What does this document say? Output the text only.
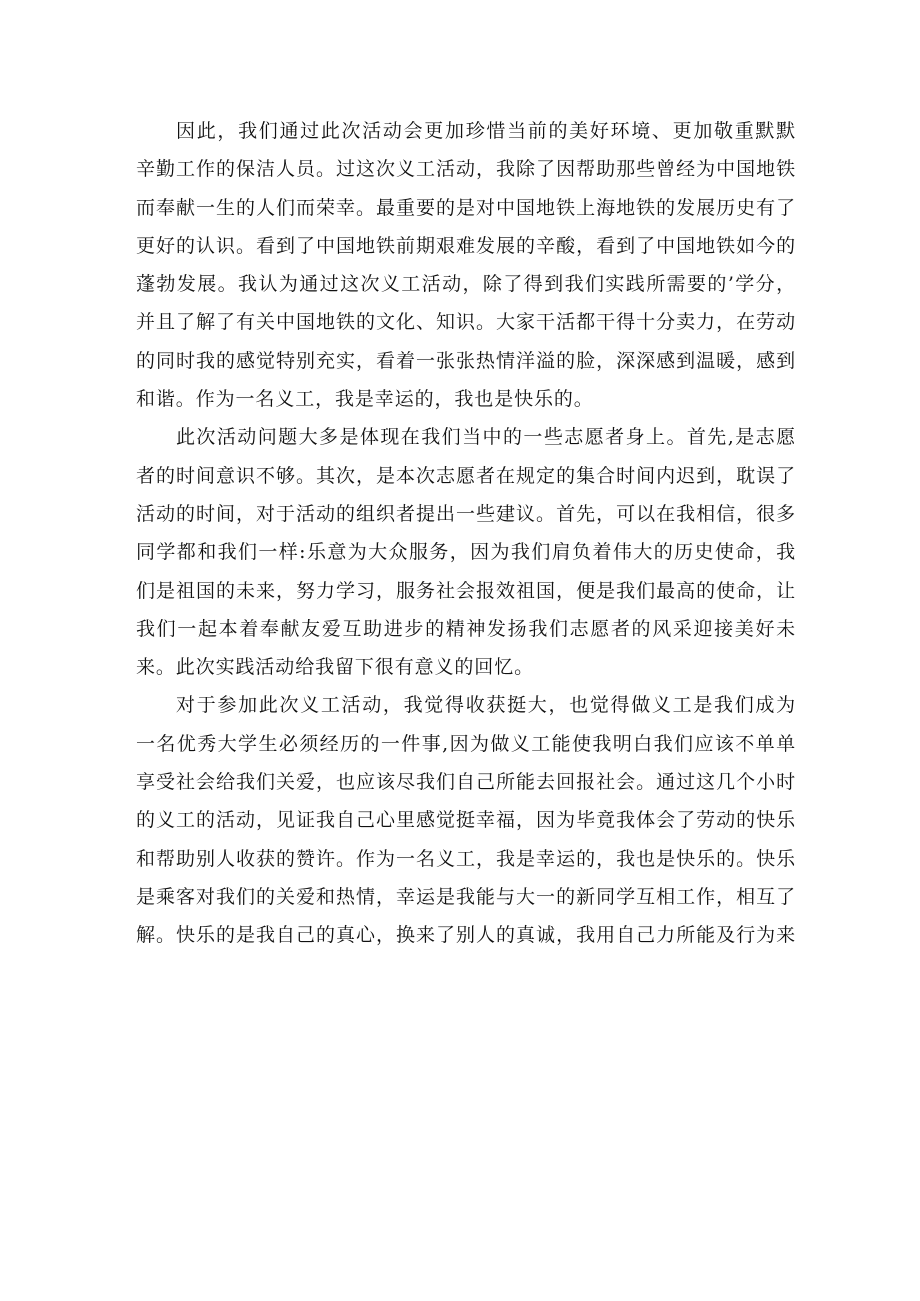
因此，我们通过此次活动会更加珍惜当前的美好环境、更加敬重默默
辛勤工作的保洁人员。过这次义工活动，我除了因帮助那些曾经为中国地铁
而奉献一生的人们而荣幸。最重要的是对中国地铁上海地铁的发展历史有了
更好的认识。看到了中国地铁前期艰难发展的辛酸，看到了中国地铁如今的
蓬勃发展。我认为通过这次义工活动，除了得到我们实践所需要的’学分，
并且了解了有关中国地铁的文化、知识。大家干活都干得十分卖力，在劳动
的同时我的感觉特别充实，看着一张张热情洋溢的脸，深深感到温暖，感到
和谐。作为一名义工，我是幸运的，我也是快乐的。
此次活动问题大多是体现在我们当中的一些志愿者身上。首先,是志愿
者的时间意识不够。其次，是本次志愿者在规定的集合时间内迟到，耽误了
活动的时间，对于活动的组织者提出一些建议。首先，可以在我相信，很多
同学都和我们一样:乐意为大众服务，因为我们肩负着伟大的历史使命，我
们是祖国的未来，努力学习，服务社会报效祖国，便是我们最高的使命，让
我们一起本着奉献友爱互助进步的精神发扬我们志愿者的风采迎接美好未
来。此次实践活动给我留下很有意义的回忆。
对于参加此次义工活动，我觉得收获挺大，也觉得做义工是我们成为
一名优秀大学生必须经历的一件事,因为做义工能使我明白我们应该不单单
享受社会给我们关爱，也应该尽我们自己所能去回报社会。通过这几个小时
的义工的活动，见证我自己心里感觉挺幸福，因为毕竟我体会了劳动的快乐
和帮助别人收获的赞许。作为一名义工，我是幸运的，我也是快乐的。快乐
是乘客对我们的关爱和热情，幸运是我能与大一的新同学互相工作，相互了
解。快乐的是我自己的真心，换来了别人的真诚，我用自己力所能及行为来
